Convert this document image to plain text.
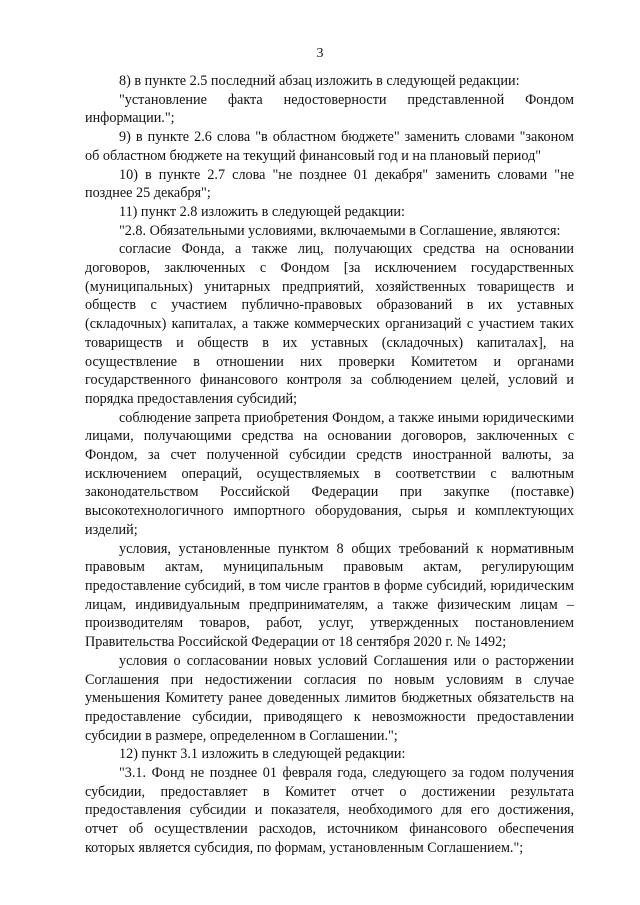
3

8) в пункте 2.5 последний абзац изложить в следующей редакции:

"установление факта недостоверности представленной Фондом информации.";

9) в пункте 2.6 слова "в областном бюджете" заменить словами "законом об областном бюджете на текущий финансовый год и на плановый период"

10) в пункте 2.7 слова "не позднее 01 декабря" заменить словами "не позднее 25 декабря";

11) пункт 2.8 изложить в следующей редакции:

"2.8. Обязательными условиями, включаемыми в Соглашение, являются:

согласие Фонда, а также лиц, получающих средства на основании договоров, заключенных с Фондом [за исключением государственных (муниципальных) унитарных предприятий, хозяйственных товариществ и обществ с участием публично-правовых образований в их уставных (складочных) капиталах, а также коммерческих организаций с участием таких товариществ и обществ в их уставных (складочных) капиталах], на осуществление в отношении них проверки Комитетом и органами государственного финансового контроля за соблюдением целей, условий и порядка предоставления субсидий;

соблюдение запрета приобретения Фондом, а также иными юридическими лицами, получающими средства на основании договоров, заключенных с Фондом, за счет полученной субсидии средств иностранной валюты, за исключением операций, осуществляемых в соответствии с валютным законодательством Российской Федерации при закупке (поставке) высокотехнологичного импортного оборудования, сырья и комплектующих изделий;

условия, установленные пунктом 8 общих требований к нормативным правовым актам, муниципальным правовым актам, регулирующим предоставление субсидий, в том числе грантов в форме субсидий, юридическим лицам, индивидуальным предпринимателям, а также физическим лицам – производителям товаров, работ, услуг, утвержденных постановлением Правительства Российской Федерации от 18 сентября 2020 г. № 1492;

условия о согласовании новых условий Соглашения или о расторжении Соглашения при недостижении согласия по новым условиям в случае уменьшения Комитету ранее доведенных лимитов бюджетных обязательств на предоставление субсидии, приводящего к невозможности предоставлении субсидии в размере, определенном в Соглашении.";

12) пункт 3.1 изложить в следующей редакции:

"3.1. Фонд не позднее 01 февраля года, следующего за годом получения субсидии, предоставляет в Комитет отчет о достижении результата предоставления субсидии и показателя, необходимого для его достижения, отчет об осуществлении расходов, источником финансового обеспечения которых является субсидия, по формам, установленным Соглашением.";
